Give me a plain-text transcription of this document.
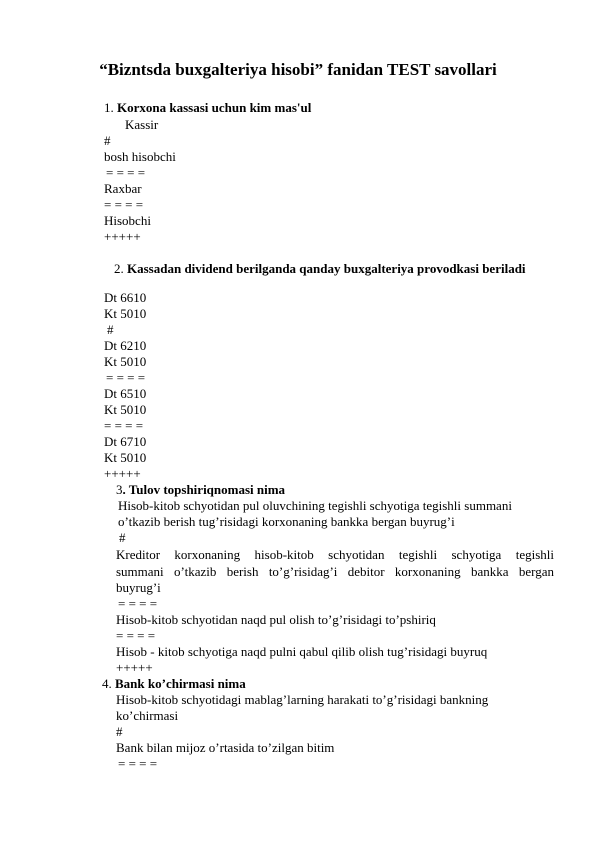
“Bizntsda buxgalteriya hisobi” fanidan TEST savollari
1. Korxona kassasi uchun kim mas'ul
Kassir
#
bosh hisobchi
= = = =
Raxbar
= = = =
Hisobchi
+++++
2. Kassadan dividend berilganda qanday buxgalteriya provodkasi beriladi
Dt 6610
Kt 5010
#
Dt 6210
Kt 5010
= = = =
Dt 6510
Kt 5010
= = = =
Dt 6710
Kt 5010
+++++
3. Tulov topshiriqnomasi nima
Hisob-kitob schyotidan pul oluvchining tegishli schyotiga tegishli summani
o’tkazib berish tug’risidagi korxonaning bankka bergan buyrug’i
#
Kreditor korxonaning hisob-kitob schyotidan tegishli schyotiga tegishli
summani o’tkazib berish to’g’risidag’i debitor korxonaning bankka bergan
buyrug’i
= = = =
Hisob-kitob schyotidan naqd pul olish to’g’risidagi to’pshiriq
= = = =
Hisob - kitob schyotiga naqd pulni qabul qilib olish tug’risidagi buyruq
+++++
4. Bank ko’chirmasi nima
Hisob-kitob schyotidagi mablag’larning harakati to’g’risidagi bankning
ko’chirmasi
#
Bank bilan mijoz o’rtasida to’zilgan bitim
= = = =
